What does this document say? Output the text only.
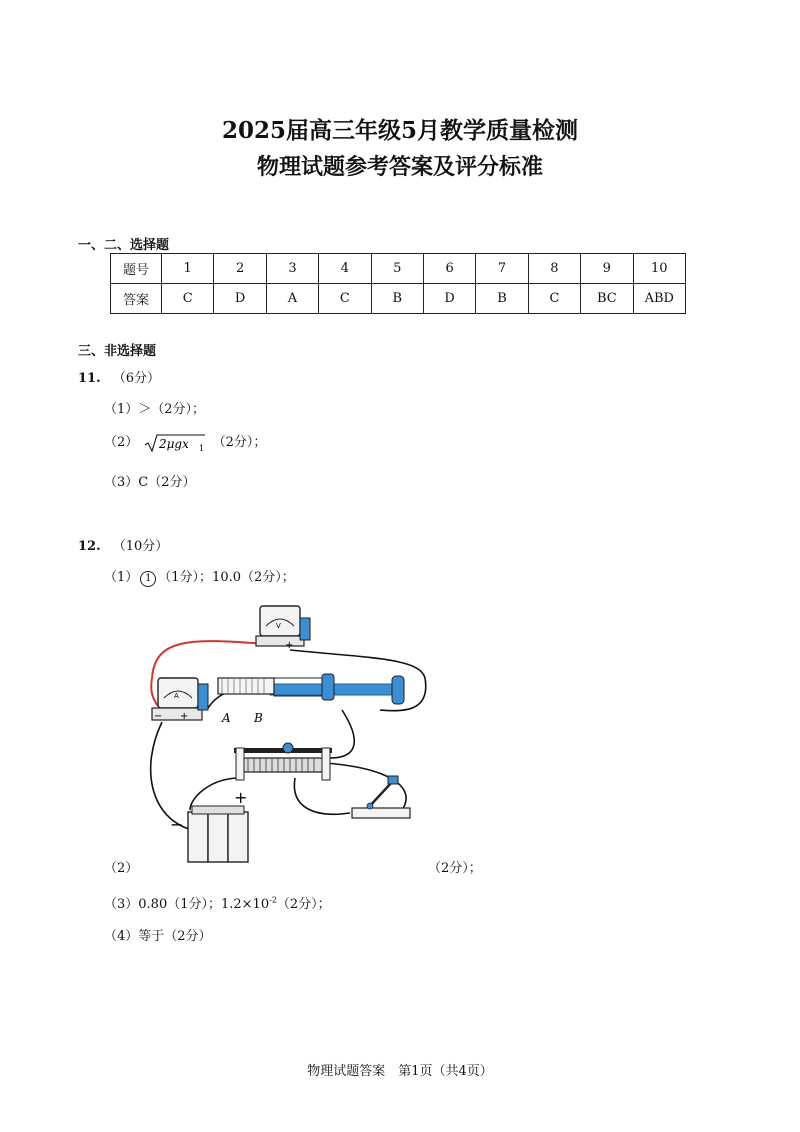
2025届高三年级5月教学质量检测
物理试题参考答案及评分标准
一、二、选择题
题号	1	2	3	4	5	6	7	8	9	10
答案	C	D	A	C	B	D	B	C	BC	ABD
三、非选择题
11. （6分）
（1）＞（2分）；
（2） 2μgx 1 （2分）；
（3）C（2分）
12. （10分）
（1） 1 （1分）；10.0（2分）；
V
+
A
− +	A B
−
+
（2）	（2分）；
（3）0.80（1分）；$1.2\times 10^{-2}(2$分）；
（4）等于（2分）
物理试题答案　第1页（共4页）
